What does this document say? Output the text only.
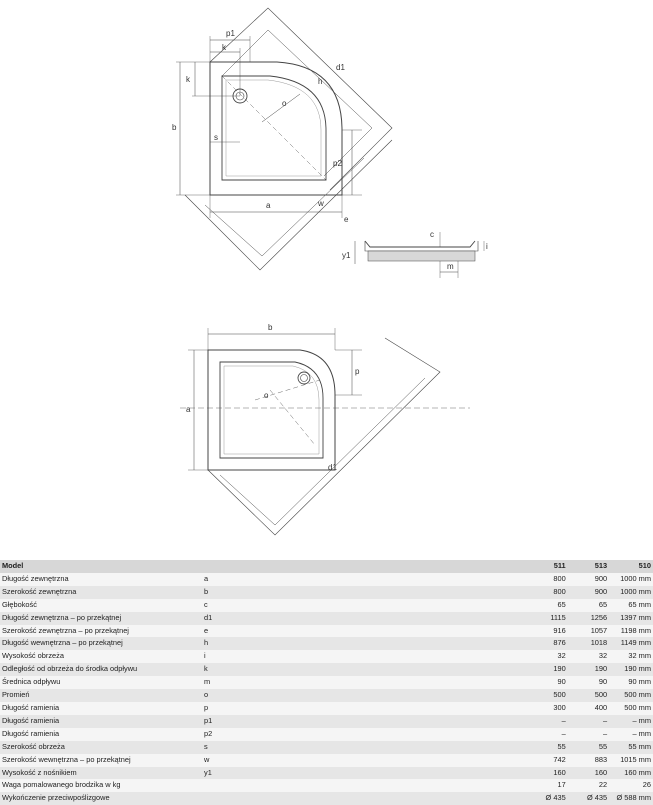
p1
k
d1
h
o
b
k
s
p2
a	w
e
c
y1
i
m
b
p
a
o
d1
Model		511	513	510
Długość zewnętrzna	a	800	900	1000 mm
Szerokość zewnętrzna	b	800	900	1000 mm
Głębokość	c	65	65	65 mm
Długość zewnętrzna – po przekątnej	d1	1115	1256	1397 mm
Szerokość zewnętrzna – po przekątnej	e	916	1057	1198 mm
Długość wewnętrzna – po przekątnej	h	876	1018	1149 mm
Wysokość obrzeża	i	32	32	32 mm
Odległość od obrzeża do środka odpływu	k	190	190	190 mm
Średnica odpływu	m	90	90	90 mm
Promień	o	500	500	500 mm
Długość ramienia	p	300	400	500 mm
Długość ramienia	p1	–	–	– mm
Długość ramienia	p2	–	–	– mm
Szerokość obrzeża	s	55	55	55 mm
Szerokość wewnętrzna – po przekątnej	w	742	883	1015 mm
Wysokość z nośnikiem	y1	160	160	160 mm
Waga pomalowanego brodzika w kg		17	22	26
Wykończenie przeciwpoślizgowe		Ø 435	Ø 435	Ø 588 mm
